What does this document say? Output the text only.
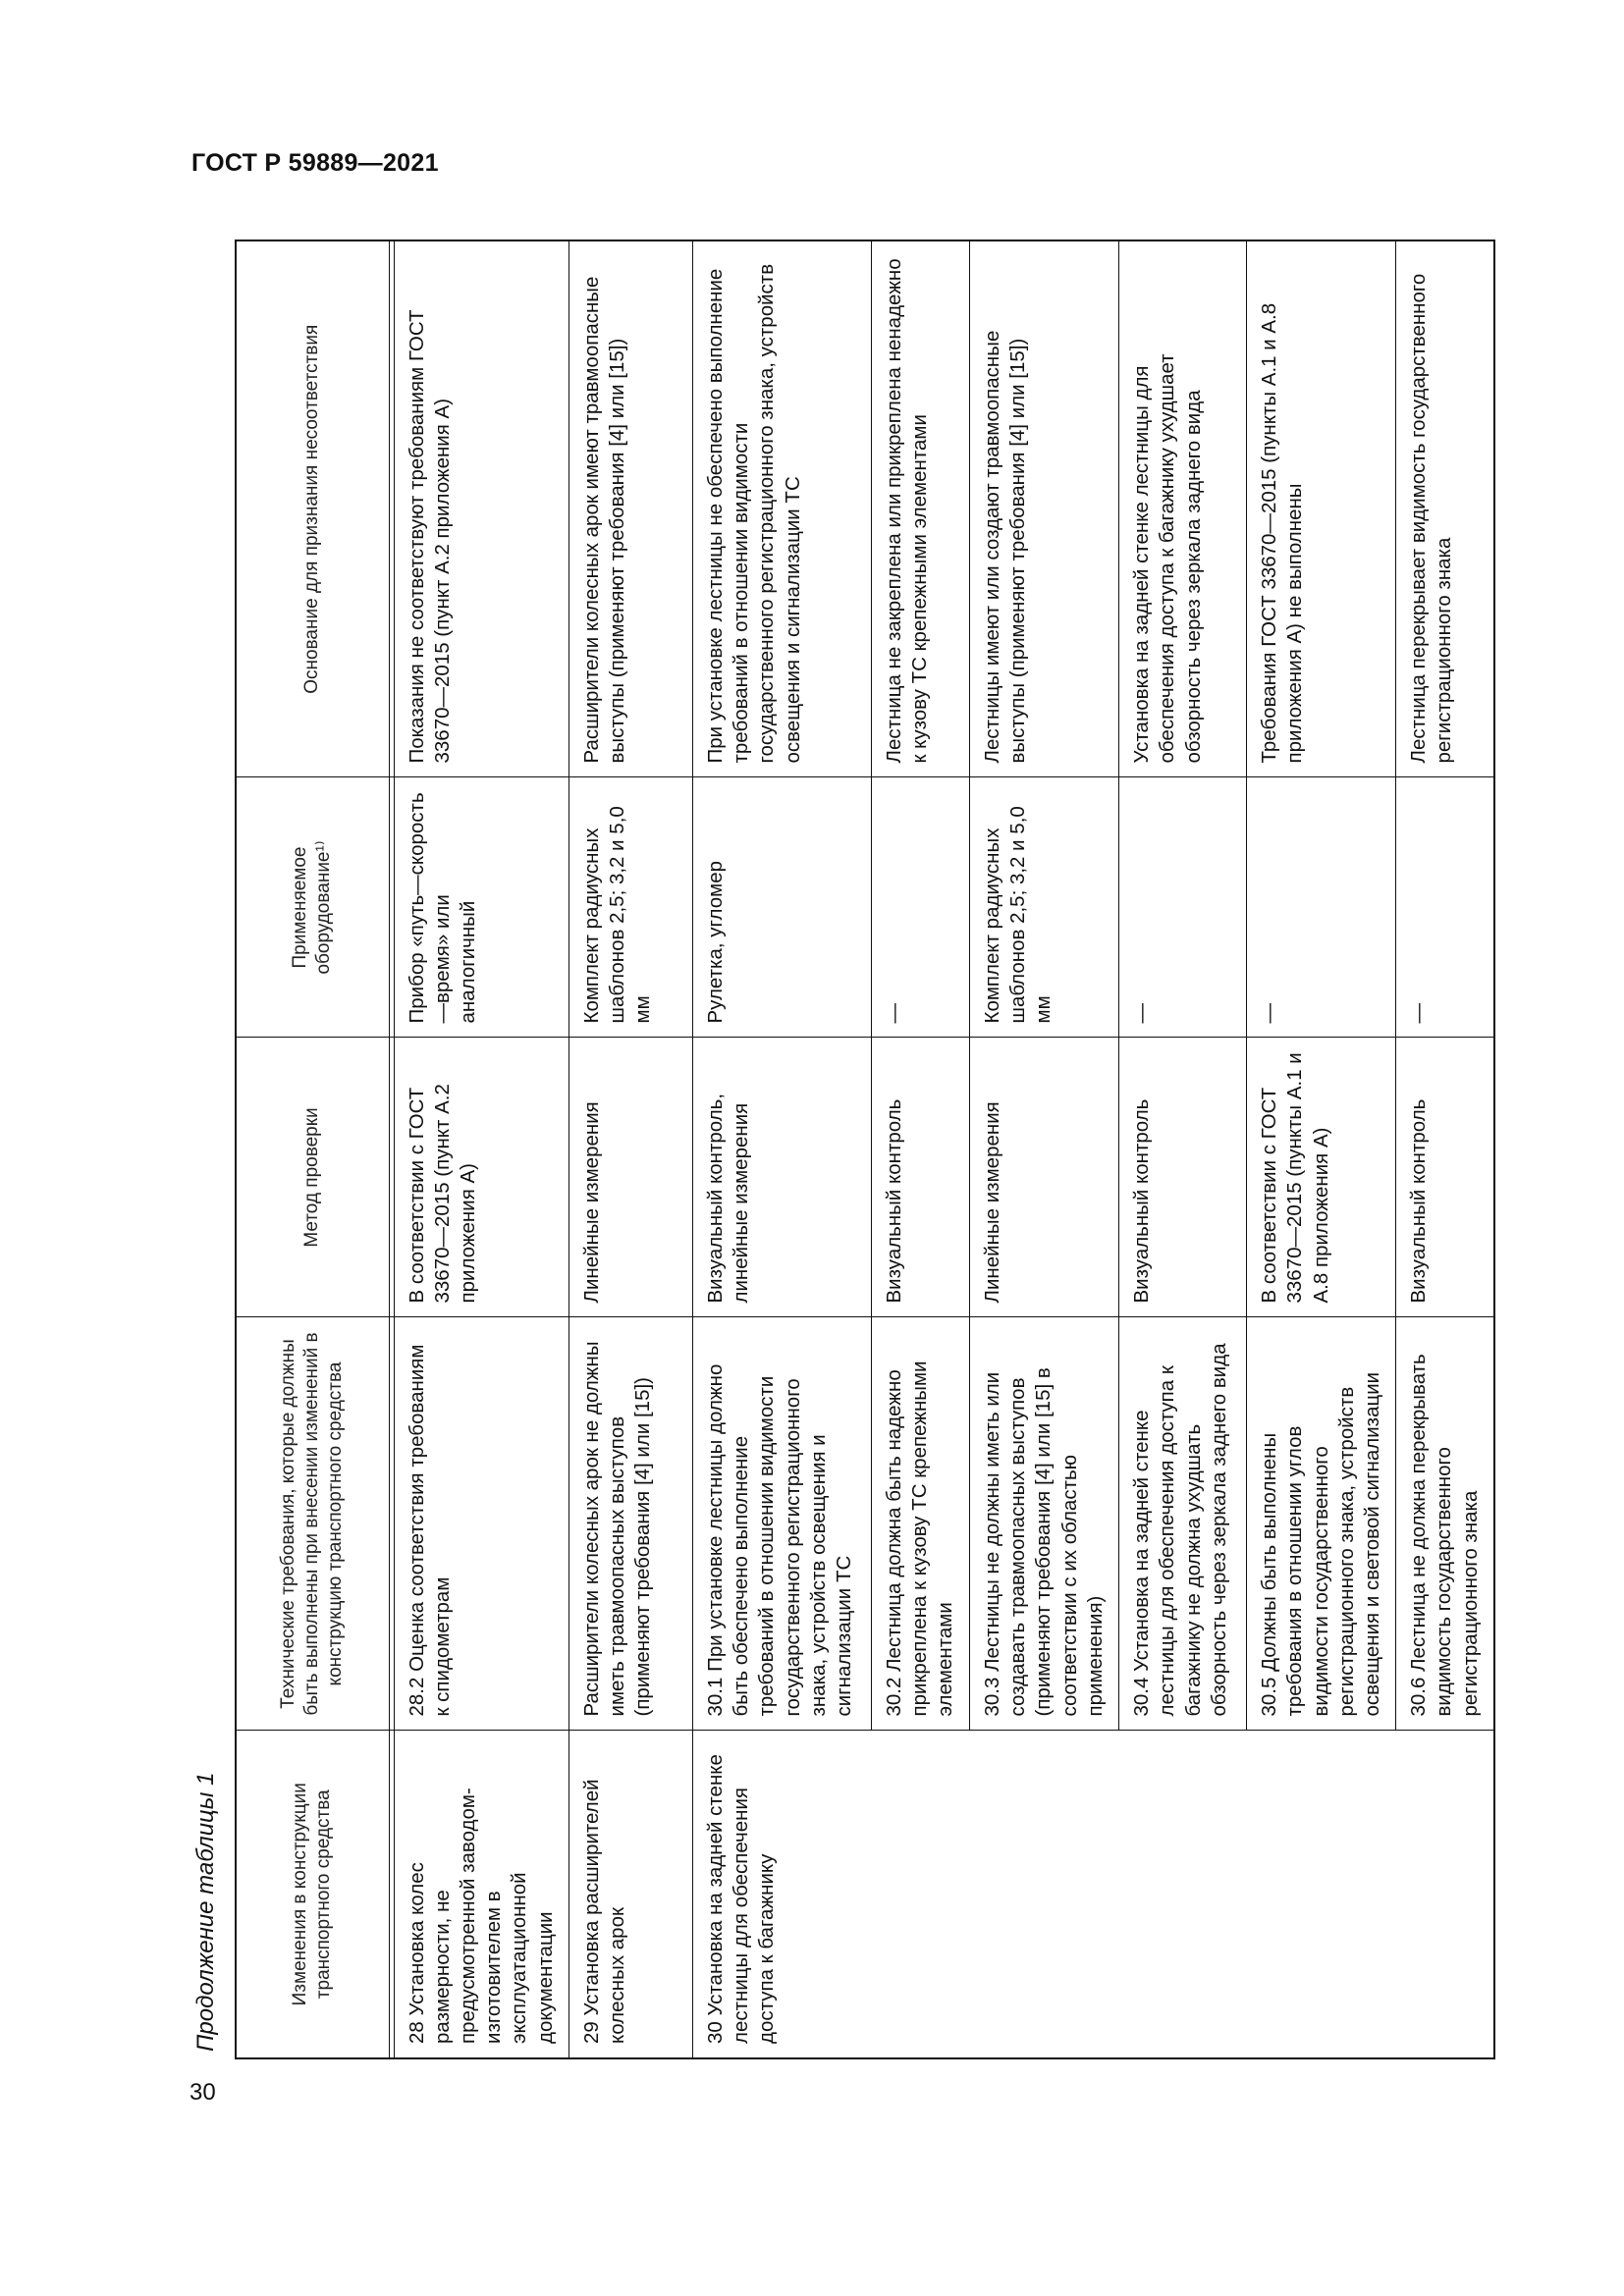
ГОСТ Р 59889—2021
Продолжение таблицы 1
30
Изменения в конструкции транспортного средства	Технические требования, которые должны быть выполнены при внесении изменений в конструкцию транспортного средства	Метод проверки	Применяемое оборудование¹⁾	Основание для признания несоответствия

28 Установка колес размерности, не предусмотренной заводом-изготовителем в эксплуатационной документации	28.2 Оценка соответствия требованиям к спидометрам	В соответствии с ГОСТ 33670—2015 (пункт А.2 приложения А)	Прибор «путь—скорость—время» или аналогичный	Показания не соответствуют требованиям ГОСТ 33670—2015 (пункт А.2 приложения А)
29 Установка расширителей колесных арок	Расширители колесных арок не должны иметь травмоопасных выступов (применяют требования [4] или [15])	Линейные измерения	Комплект радиусных шаблонов 2,5; 3,2 и 5,0 мм	Расширители колесных арок имеют травмоопасные выступы (применяют требования [4] или [15])
30 Установка на задней стенке лестницы для обеспечения доступа к багажнику	30.1 При установке лестницы должно быть обеспечено выполнение требований в отношении видимости государственного регистрационного знака, устройств освещения и сигнализации ТС	Визуальный контроль, линейные измерения	Рулетка, угломер	При установке лестницы не обеспечено выполнение требований в отношении видимости государственного регистрационного знака, устройств освещения и сигнализации ТС
	30.2 Лестница должна быть надежно прикреплена к кузову ТС крепежными элементами	Визуальный контроль	—	Лестница не закреплена или прикреплена ненадежно к кузову ТС крепежными элементами
	30.3 Лестницы не должны иметь или создавать травмоопасных выступов (применяют требования [4] или [15] в соответствии с их областью применения)	Линейные измерения	Комплект радиусных шаблонов 2,5; 3,2 и 5,0 мм	Лестницы имеют или создают травмоопасные выступы (применяют требования [4] или [15])
	30.4 Установка на задней стенке лестницы для обеспечения доступа к багажнику не должна ухудшать обзорность через зеркала заднего вида	Визуальный контроль	—	Установка на задней стенке лестницы для обеспечения доступа к багажнику ухудшает обзорность через зеркала заднего вида
	30.5 Должны быть выполнены требования в отношении углов видимости государственного регистрационного знака, устройств освещения и световой сигнализации	В соответствии с ГОСТ 33670—2015 (пункты А.1 и А.8 приложения А)	—	Требования ГОСТ 33670—2015 (пункты А.1 и А.8 приложения А) не выполнены
	30.6 Лестница не должна перекрывать видимость государственного регистрационного знака	Визуальный контроль	—	Лестница перекрывает видимость государственного регистрационного знака
